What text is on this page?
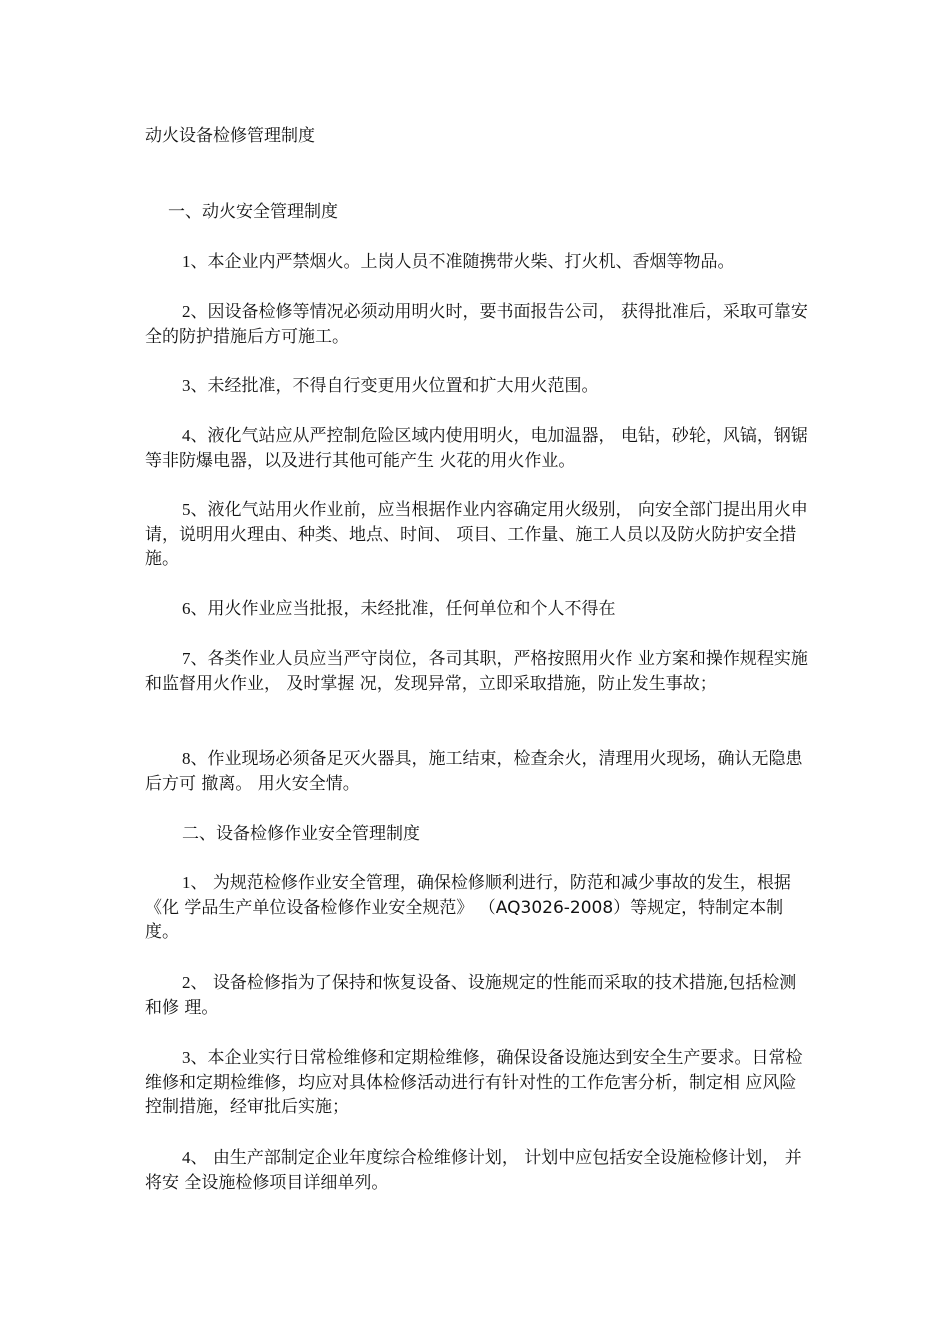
动火设备检修管理制度
一、动火安全管理制度

1、本企业内严禁烟火。上岗人员不准随携带火柴、打火机、香烟等物品。

2、因设备检修等情况必须动用明火时，要书面报告公司， 获得批准后，采取可靠安全的防护措施后方可施工。

3、未经批准，不得自行变更用火位置和扩大用火范围。

4、液化气站应从严控制危险区域内使用明火，电加温器， 电钻，砂轮，风镐，钢锯等非防爆电器，以及进行其他可能产生 火花的用火作业。

5、液化气站用火作业前，应当根据作业内容确定用火级别， 向安全部门提出用火申请，说明用火理由、种类、地点、时间、 项目、工作量、施工人员以及防火防护安全措施。

6、用火作业应当批报，未经批准，任何单位和个人不得在

7、各类作业人员应当严守岗位，各司其职，严格按照用火作 业方案和操作规程实施和监督用火作业， 及时掌握 况，发现异常，立即采取措施，防止发生事故；

8、作业现场必须备足灭火器具，施工结束，检查余火，清理用火现场，确认无隐患后方可 撤离。 用火安全情。

二、设备检修作业安全管理制度

1、 为规范检修作业安全管理，确保检修顺利进行，防范和减少事故的发生，根据《化 学品生产单位设备检修作业安全规范》 （AQ3026-2008）等规定，特制定本制度。

2、 设备检修指为了保持和恢复设备、设施规定的性能而采取的技术措施,包括检测和修 理。

3、本企业实行日常检维修和定期检维修，确保设备设施达到安全生产要求。日常检维修和定期检维修，均应对具体检修活动进行有针对性的工作危害分析，制定相 应风险控制措施，经审批后实施；

4、 由生产部制定企业年度综合检维修计划， 计划中应包括安全设施检修计划， 并将安 全设施检修项目详细单列。
